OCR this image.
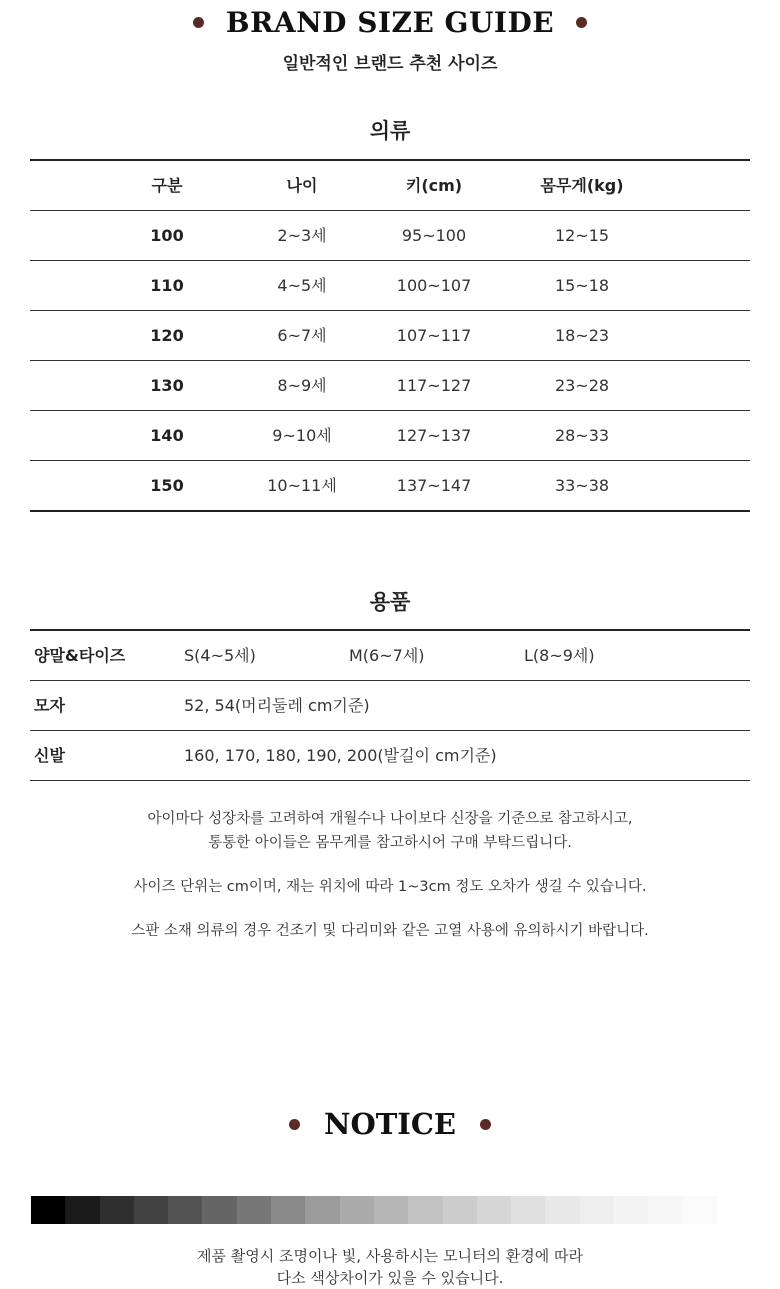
BRAND SIZE GUIDE
일반적인 브랜드 추천 사이즈
의류
구분	나이	키(cm)	몸무게(kg)
100	2~3세	95~100	12~15
110	4~5세	100~107	15~18
120	6~7세	107~117	18~23
130	8~9세	117~127	23~28
140	9~10세	127~137	28~33
150	10~11세	137~147	33~38
용품
양말&타이즈	S(4~5세)	M(6~7세)	L(8~9세)
모자	52, 54(머리둘레 cm기준)
신발	160, 170, 180, 190, 200(발길이 cm기준)

아이마다 성장차를 고려하여 개월수나 나이보다 신장을 기준으로 참고하시고,

통통한 아이들은 몸무게를 참고하시어 구매 부탁드립니다.

사이즈 단위는 cm이며, 재는 위치에 따라 1~3cm 정도 오차가 생길 수 있습니다.

스판 소재 의류의 경우 건조기 및 다리미와 같은 고열 사용에 유의하시기 바랍니다.

NOTICE
제품 촬영시 조명이나 빛, 사용하시는 모니터의 환경에 따라
다소 색상차이가 있을 수 있습니다.
